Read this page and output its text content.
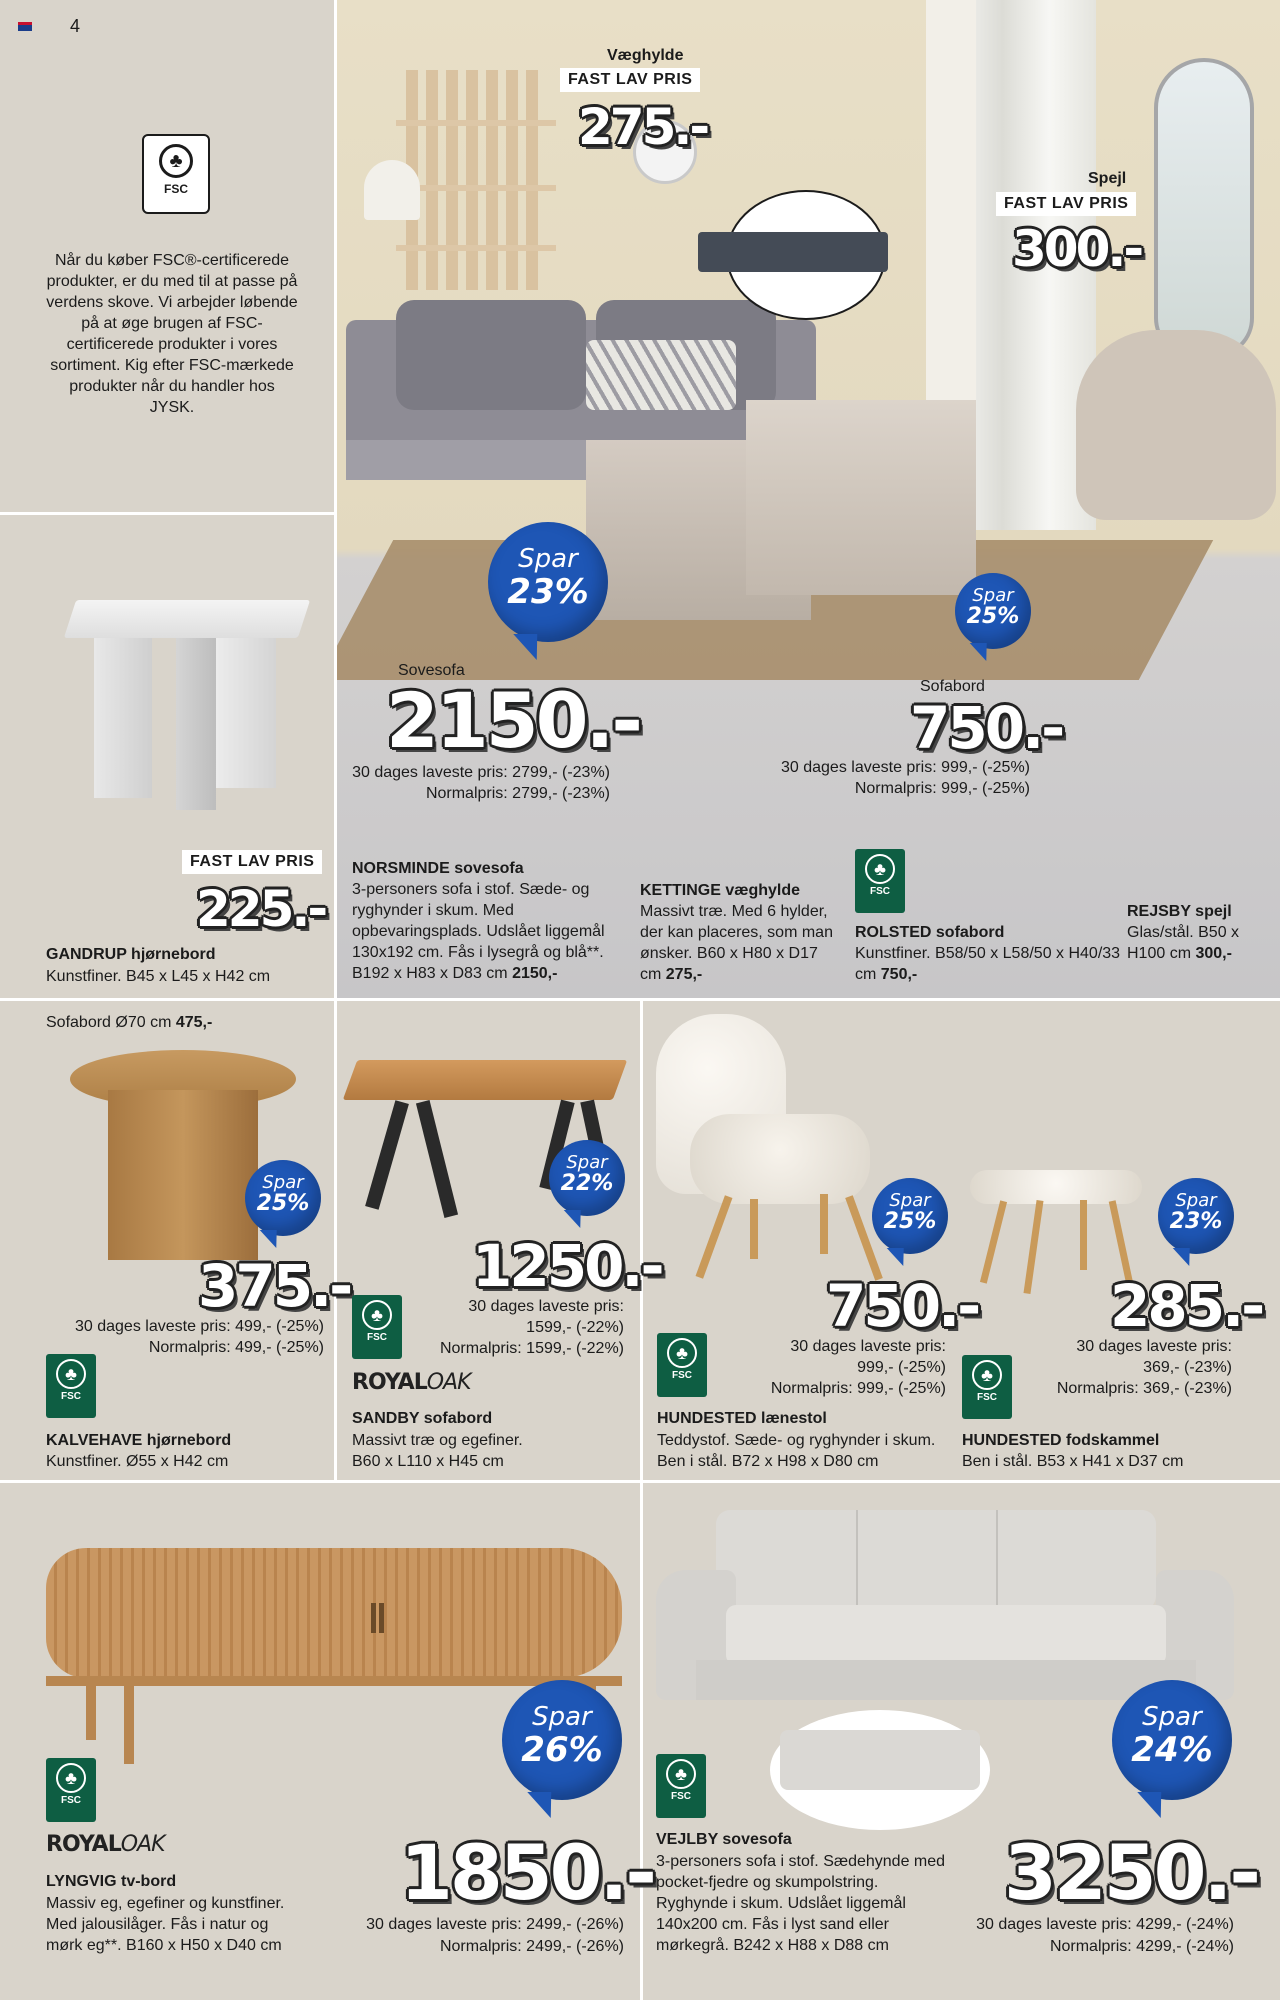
4
♣
FSC
Når du køber FSC®-certificerede produkter, er du med til at passe på verdens skove. Vi arbejder løbende på at øge brugen af FSC-certificerede produkter i vores sortiment. Kig efter FSC-mærkede produkter når du handler hos JYSK.
FAST LAV PRIS
225.-
GANDRUP hjørnebord
Kunstfiner. B45 x L45 x H42 cm
Væghylde
FAST LAV PRIS
275.-
Spejl
FAST LAV PRIS
300.-
Spar
23%
Sovesofa
2150.-
30 dages laveste pris: 2799,- (-23%)
Normalpris: 2799,- (-23%)
Spar
25%
Sofabord
750.-
30 dages laveste pris: 999,- (-25%)
Normalpris: 999,- (-25%)
NORSMINDE sovesofa
3-personers sofa i stof. Sæde- og ryghynder i skum. Med opbevaringsplads. Udslået liggemål 130x192 cm. Fås i lysegrå og blå**. B192 x H83 x D83 cm 2150,-
KETTINGE væghylde
Massivt træ. Med 6 hylder, der kan placeres, som man ønsker. B60 x H80 x D17 cm 275,-
♣
FSC
ROLSTED sofabord
Kunstfiner. B58/50 x L58/50 x H40/33 cm 750,-
REJSBY spejl
Glas/stål. B50 x H100 cm 300,-
Sofabord Ø70 cm 475,-
Spar
25%
375.-
30 dages laveste pris: 499,- (-25%)
Normalpris: 499,- (-25%)
♣
FSC
KALVEHAVE hjørnebord
Kunstfiner. Ø55 x H42 cm
Spar
22%
1250.-
30 dages laveste pris:
1599,- (-22%)
Normalpris: 1599,- (-22%)
♣
FSC
ROYALOAK
SANDBY sofabord
Massivt træ og egefiner. B60 x L110 x H45 cm
Spar
25%
750.-
30 dages laveste pris:
999,- (-25%)
Normalpris: 999,- (-25%)
♣
FSC
HUNDESTED lænestol
Teddystof. Sæde- og ryghynder i skum. Ben i stål. B72 x H98 x D80 cm
Spar
23%
285.-
30 dages laveste pris:
369,- (-23%)
Normalpris: 369,- (-23%)
♣
FSC
HUNDESTED fodskammel
Ben i stål. B53 x H41 x D37 cm
Spar
26%
♣
FSC
ROYALOAK
LYNGVIG tv-bord
Massiv eg, egefiner og kunstfiner. Med jalousilåger. Fås i natur og mørk eg**. B160 x H50 x D40 cm
1850.-
30 dages laveste pris: 2499,- (-26%)
Normalpris: 2499,- (-26%)
Spar
24%
♣
FSC
VEJLBY sovesofa
3-personers sofa i stof. Sædehynde med pocket-fjedre og skumpolstring. Ryghynde i skum. Udslået liggemål 140x200 cm. Fås i lyst sand eller mørkegrå. B242 x H88 x D88 cm
3250.-
30 dages laveste pris: 4299,- (-24%)
Normalpris: 4299,- (-24%)
